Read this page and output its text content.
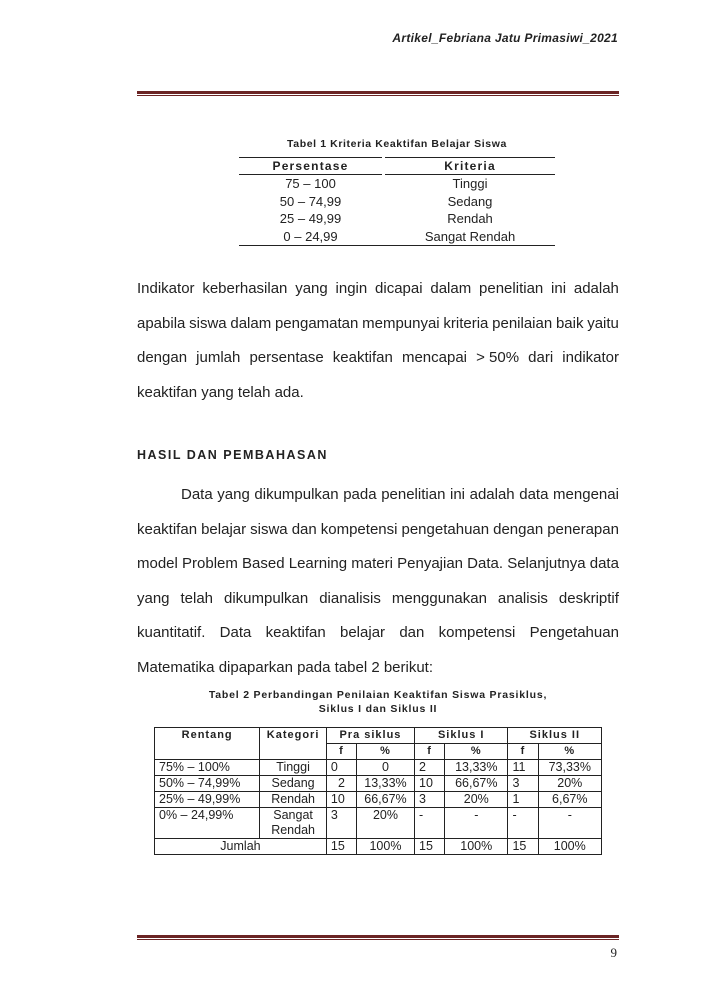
Artikel_Febriana Jatu Primasiwi_2021
Tabel 1 Kriteria Keaktifan Belajar Siswa
Persentase		Kriteria
75 – 100		Tinggi
50 – 74,99		Sedang
25 – 49,99		Rendah
0 – 24,99		Sangat Rendah
Indikator keberhasilan yang ingin dicapai dalam penelitian ini adalah
apabila siswa dalam pengamatan mempunyai kriteria penilaian baik yaitu
dengan jumlah persentase keaktifan mencapai > 50% dari indikator
keaktifan yang telah ada.
HASIL DAN PEMBAHASAN
Data yang dikumpulkan pada penelitian ini adalah data mengenai
keaktifan belajar siswa dan kompetensi pengetahuan dengan penerapan
model Problem Based Learning materi Penyajian Data. Selanjutnya data
yang telah dikumpulkan dianalisis menggunakan analisis deskriptif
kuantitatif. Data keaktifan belajar dan kompetensi Pengetahuan
Matematika dipaparkan pada tabel 2 berikut:
Tabel 2 Perbandingan Penilaian Keaktifan Siswa Prasiklus,
Siklus I dan Siklus II
Rentang	Kategori	Pra siklus		Siklus I		Siklus II	
		f	%	f	%	f	%
75% – 100%	Tinggi	0	0	2	13,33%	11	73,33%
50% – 74,99%	Sedang	2	13,33%	10	66,67%	3	20%
25% – 49,99%	Rendah	10	66,67%	3	20%	1	6,67%
0% – 24,99%	Sangat Rendah	3	20%	-	-	-	-
Jumlah		15	100%	15	100%	15	100%
9
